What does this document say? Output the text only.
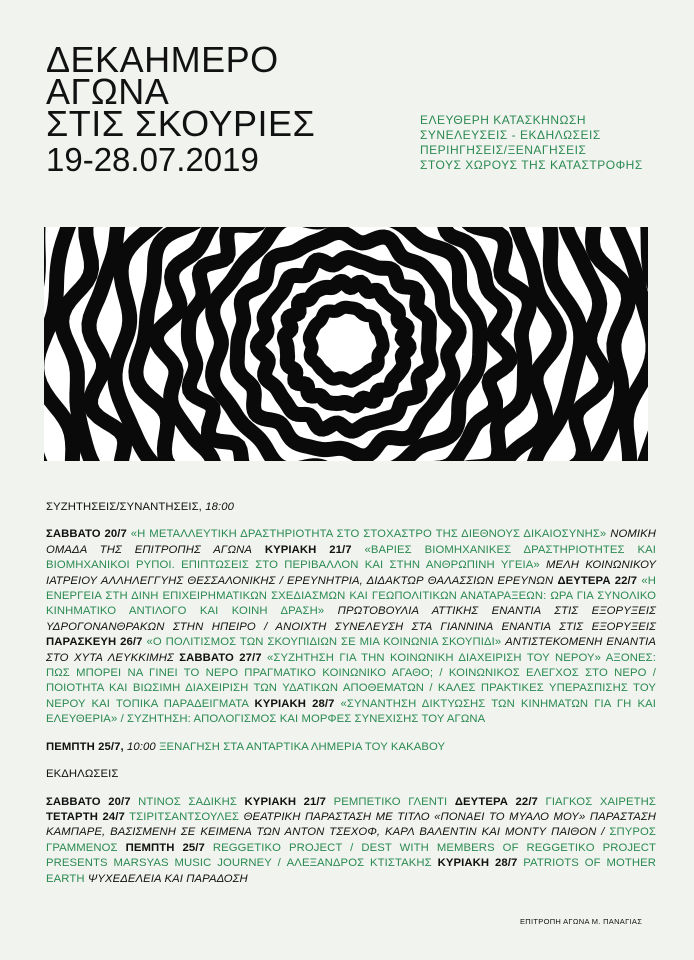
ΔΕΚΑΗΜΕΡΟ
ΑΓΩΝΑ
ΣΤΙΣ ΣΚΟΥΡΙΕΣ
19-28.07.2019
ΕΛΕΥΘΕΡΗ ΚΑΤΑΣΚΗΝΩΣΗ
ΣΥΝΕΛΕΥΣΕΙΣ - ΕΚΔΗΛΩΣΕΙΣ
ΠΕΡΙΗΓΗΣΕΙΣ/ΞΕΝΑΓΗΣΕΙΣ
ΣΤΟΥΣ ΧΩΡΟΥΣ ΤΗΣ ΚΑΤΑΣΤΡΟΦΗΣ
ΣΥΖΗΤΗΣΕΙΣ/ΣΥΝΑΝΤΗΣΕΙΣ, 18:00
ΣΑΒΒΑΤΟ 20/7 «Η ΜΕΤΑΛΛΕΥΤΙΚΗ ΔΡΑΣΤΗΡΙΟΤΗΤΑ ΣΤΟ ΣΤΟΧΑΣΤΡΟ ΤΗΣ ΔΙΕΘΝΟΥΣ ΔΙΚΑΙΟΣΥΝΗΣ» ΝΟΜΙΚΗ ΟΜΑΔΑ ΤΗΣ ΕΠΙΤΡΟΠΗΣ ΑΓΩΝΑ ΚΥΡΙΑΚΗ 21/7 «ΒΑΡΙΕΣ ΒΙΟΜΗΧΑΝΙΚΕΣ ΔΡΑΣΤΗΡΙΟΤΗΤΕΣ ΚΑΙ ΒΙΟΜΗΧΑΝΙΚΟΙ ΡΥΠΟΙ. ΕΠΙΠΤΩΣΕΙΣ ΣΤΟ ΠΕΡΙΒΑΛΛΟΝ ΚΑΙ ΣΤΗΝ ΑΝΘΡΩΠΙΝΗ ΥΓΕΙΑ» ΜΕΛΗ ΚΟΙΝΩΝΙΚΟΥ ΙΑΤΡΕΙΟΥ ΑΛΛΗΛΕΓΓΥΗΣ ΘΕΣΣΑΛΟΝΙΚΗΣ / ΕΡΕΥΝΗΤΡΙΑ, ΔΙΔΑΚΤΩΡ ΘΑΛΑΣΣΙΩΝ ΕΡΕΥΝΩΝ ΔΕΥΤΕΡΑ 22/7 «Η ΕΝΕΡΓΕΙΑ ΣΤΗ ΔΙΝΗ ΕΠΙΧΕΙΡΗΜΑΤΙΚΩΝ ΣΧΕΔΙΑΣΜΩΝ ΚΑΙ ΓΕΩΠΟΛΙΤΙΚΩΝ ΑΝΑΤΑΡΑΞΕΩΝ: ΩΡΑ ΓΙΑ ΣΥΝΟΛΙΚΟ ΚΙΝΗΜΑΤΙΚΟ ΑΝΤΙΛΟΓΟ ΚΑΙ ΚΟΙΝΗ ΔΡΑΣΗ» ΠΡΩΤΟΒΟΥΛΙΑ ΑΤΤΙΚΗΣ ΕΝΑΝΤΙΑ ΣΤΙΣ ΕΞΟΡΥΞΕΙΣ ΥΔΡΟΓΟΝΑΝΘΡΑΚΩΝ ΣΤΗΝ ΗΠΕΙΡΟ / ΑΝΟΙΧΤΗ ΣΥΝΕΛΕΥΣΗ ΣΤΑ ΓΙΑΝΝΙΝΑ ΕΝΑΝΤΙΑ ΣΤΙΣ ΕΞΟΡΥΞΕΙΣ ΠΑΡΑΣΚΕΥΗ 26/7 «Ο ΠΟΛΙΤΙΣΜΟΣ ΤΩΝ ΣΚΟΥΠΙΔΙΩΝ ΣΕ ΜΙΑ ΚΟΙΝΩΝΙΑ ΣΚΟΥΠΙΔΙ» ΑΝΤΙΣΤΕΚΟΜΕΝΗ ΕΝΑΝΤΙΑ ΣΤΟ ΧΥΤΑ ΛΕΥΚΚΙΜΗΣ ΣΑΒΒΑΤΟ 27/7 «ΣΥΖΗΤΗΣΗ ΓΙΑ ΤΗΝ ΚΟΙΝΩΝΙΚΗ ΔΙΑΧΕΙΡΙΣΗ ΤΟΥ ΝΕΡΟΥ» ΑΞΟΝΕΣ: ΠΩΣ ΜΠΟΡΕΙ ΝΑ ΓΙΝΕΙ ΤΟ ΝΕΡΟ ΠΡΑΓΜΑΤΙΚΟ ΚΟΙΝΩΝΙΚΟ ΑΓΑΘΟ; / ΚΟΙΝΩΝΙΚΟΣ ΕΛΕΓΧΟΣ ΣΤΟ ΝΕΡΟ / ΠΟΙΟΤΗΤΑ ΚΑΙ ΒΙΩΣΙΜΗ ΔΙΑΧΕΙΡΙΣΗ ΤΩΝ ΥΔΑΤΙΚΩΝ ΑΠΟΘΕΜΑΤΩΝ / ΚΑΛΕΣ ΠΡΑΚΤΙΚΕΣ ΥΠΕΡΑΣΠΙΣΗΣ ΤΟΥ ΝΕΡΟΥ ΚΑΙ ΤΟΠΙΚΑ ΠΑΡΑΔΕΙΓΜΑΤΑ ΚΥΡΙΑΚΗ 28/7 «ΣΥΝΑΝΤΗΣΗ ΔΙΚΤΥΩΣΗΣ ΤΩΝ ΚΙΝΗΜΑΤΩΝ ΓΙΑ ΓΗ ΚΑΙ ΕΛΕΥΘΕΡΙΑ» / ΣΥΖΗΤΗΣΗ: ΑΠΟΛΟΓΙΣΜΟΣ ΚΑΙ ΜΟΡΦΕΣ ΣΥΝΕΧΙΣΗΣ ΤΟΥ ΑΓΩΝΑ
ΠΕΜΠΤΗ 25/7, 10:00 ΞΕΝΑΓΗΣΗ ΣΤΑ ΑΝΤΑΡΤΙΚΑ ΛΗΜΕΡΙΑ ΤΟΥ ΚΑΚΑΒΟΥ
ΕΚΔΗΛΩΣΕΙΣ
ΣΑΒΒΑΤΟ 20/7 ΝΤΙΝΟΣ ΣΑΔΙΚΗΣ ΚΥΡΙΑΚΗ 21/7 ΡΕΜΠΕΤΙΚΟ ΓΛΕΝΤΙ ΔΕΥΤΕΡΑ 22/7 ΓΙΑΓΚΟΣ ΧΑΙΡΕΤΗΣ ΤΕΤΑΡΤΗ 24/7 ΤΣΙΡΙΤΣΑΝΤΣΟΥΛΕΣ ΘΕΑΤΡΙΚΗ ΠΑΡΑΣΤΑΣΗ ΜΕ ΤΙΤΛΟ «ΠΟΝΑΕΙ ΤΟ ΜΥΑΛΟ ΜΟΥ» ΠΑΡΑΣΤΑΣΗ ΚΑΜΠΑΡΕ, ΒΑΣΙΣΜΕΝΗ ΣΕ ΚΕΙΜΕΝΑ ΤΩΝ ΑΝΤΟΝ ΤΣΕΧΟΦ, ΚΑΡΛ ΒΑΛΕΝΤΙΝ ΚΑΙ ΜΟΝΤΥ ΠΑΙΘΟΝ / ΣΠΥΡΟΣ ΓΡΑΜΜΕΝΟΣ ΠΕΜΠΤΗ 25/7 REGGETIKO PROJECT / DEST WITH MEMBERS OF REGGETIKO PROJECT PRESENTS MARSYAS MUSIC JOURNEY / ΑΛΕΞΑΝΔΡΟΣ ΚΤΙΣΤΑΚΗΣ ΚΥΡΙΑΚΗ 28/7 PATRIOTS OF MOTHER EARTH ΨΥΧΕΔΕΛΕΙΑ ΚΑΙ ΠΑΡΑΔΟΣΗ
ΕΠΙΤΡΟΠΗ ΑΓΩΝΑ Μ. ΠΑΝΑΓΙΑΣ
